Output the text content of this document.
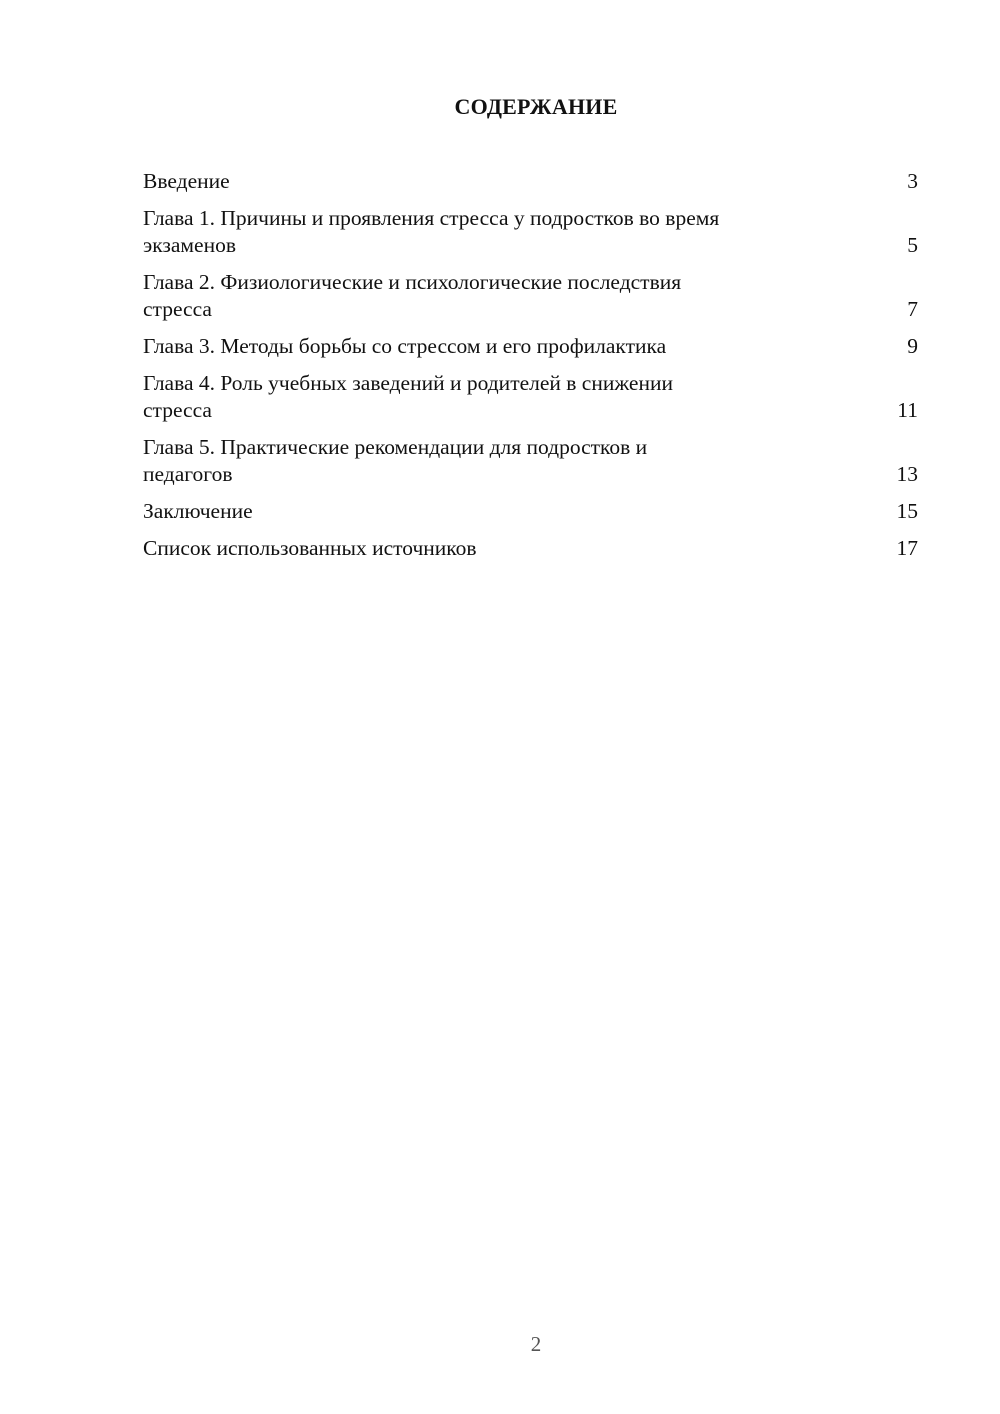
СОДЕРЖАНИЕ
Введение	3
Глава 1. Причины и проявления стресса у подростков во время
экзаменов	5
Глава 2. Физиологические и психологические последствия
стресса	7
Глава 3. Методы борьбы со стрессом и его профилактика	9
Глава 4. Роль учебных заведений и родителей в снижении
стресса	11
Глава 5. Практические рекомендации для подростков и
педагогов	13
Заключение	15
Список использованных источников	17

2
